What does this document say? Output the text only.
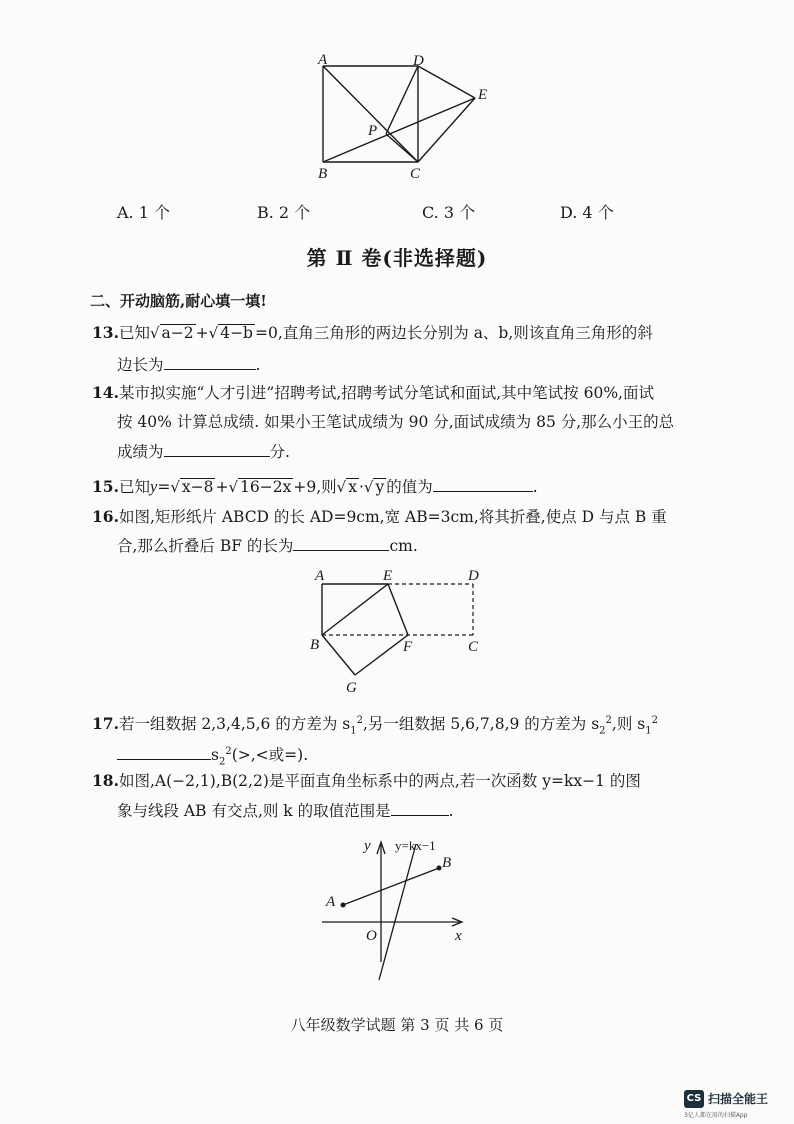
A	D
E
P
B	C
A. 1 个	B. 2 个	C. 3 个	D. 4 个
第 Ⅱ 卷(非选择题)
二、开动脑筋,耐心填一填!
13.已知√ a−2 +√ 4−b =0,直角三角形的两边长分别为 a、b,则该直角三角形的斜
边长为	.
14.某市拟实施“人才引进”招聘考试,招聘考试分笔试和面试,其中笔试按 60%,面试
按 40% 计算总成绩. 如果小王笔试成绩为 90 分,面试成绩为 85 分,那么小王的总
成绩为	分.
15.已知y=√ x−8 +√ 16−2x +9,则√ x ·√ y 的值为	.
16.如图,矩形纸片 ABCD 的长 AD=9cm,宽 AB=3cm,将其折叠,使点 D 与点 B 重
合,那么折叠后 BF 的长为	cm.
A	E	D
B	F	C
G
17.若一组数据 2,3,4,5,6 的方差为 $s_1^2$,另一组数据 5,6,7,8,9 的方差为 $s_2^2$,则 $s_1^2$
$s_2^2(>,<$或=).
18.如图,A(−2,1),B(2,2)是平面直角坐标系中的两点,若一次函数 y=kx−1 的图
象与线段 AB 有交点,则 k 的取值范围是	.
y y=kx−1
B
A
O	x
八年级数学试题 第 3 页 共 6 页
CS 扫描全能王
3亿人都在用的扫描App
